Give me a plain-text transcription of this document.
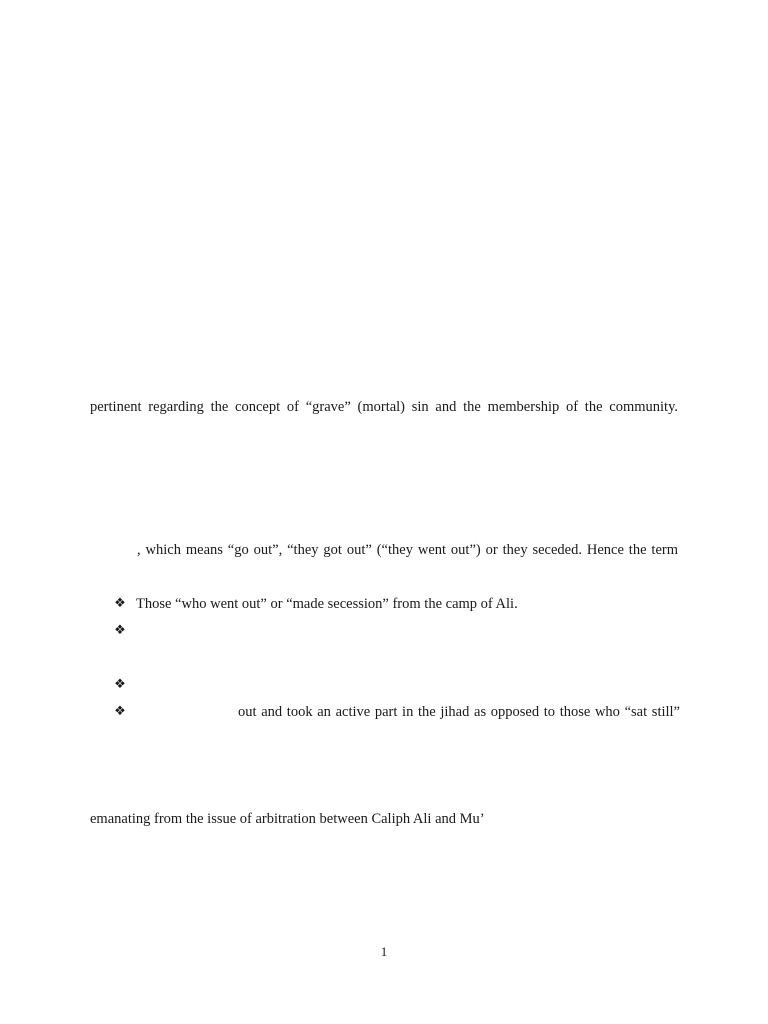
pertinent regarding the concept of “grave” (mortal) sin and the membership of the community.
, which means “go out”, “they got out” (“they went out”) or they seceded. Hence the term
❖ Those “who went out” or “made secession” from the camp of Ali.
❖
❖
❖	out and took an active part in the jihad as opposed to those who “sat still”
emanating from the issue of arbitration between Caliph Ali and Mu’
1
